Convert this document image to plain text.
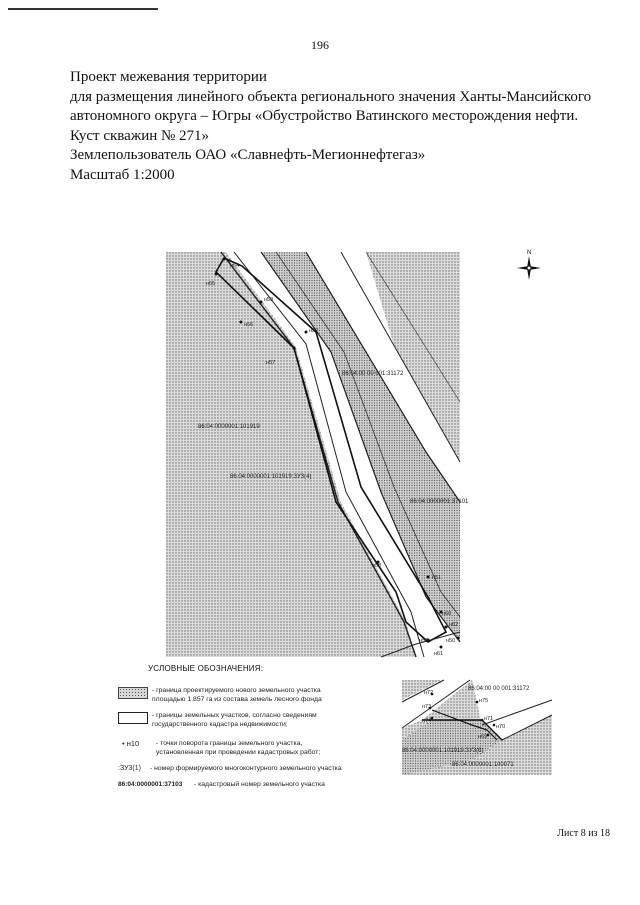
196
Проект межевания территории
для размещения линейного объекта регионального значения Ханты-Мансийского
автономного округа – Югры «Обустройство Ватинского месторождения нефти.
Куст скважин № 271»
Землепользователь ОАО «Славнефть-Мегионнефтегаз»
Масштаб 1:2000
86:04:00 00 001:31172
86:04:0000001:101919
86:04:0000001:101919:ЗУ3(4)
86:04:0000001:37101
н54
н55
н53
н56
н57
н52
н58
н51
н60
н62
н59	н50
н61
N
УСЛОВНЫЕ ОБОЗНАЧЕНИЯ:
- граница проектируемого нового земельного участка
площадью 1.857 га из состава земель лесного фонда
- границы земельных участков, согласно сведениям
государственного кадастра недвижимости;
• н10 - точки поворота границы земельного участка,
установленная при проведении кадастровых работ;
:ЗУ3(1) - номер формируемого многоконтурного земельного участка
86:04:0000001:37103 - кадастровый номер земельного участка
н72
н73
н74
н75
н71
н70
н69
86:04:00 00 001:31172
86:04:0000001:101919:ЗУ3(6)
86:04:0000001:100071
Лист 8 из 18
